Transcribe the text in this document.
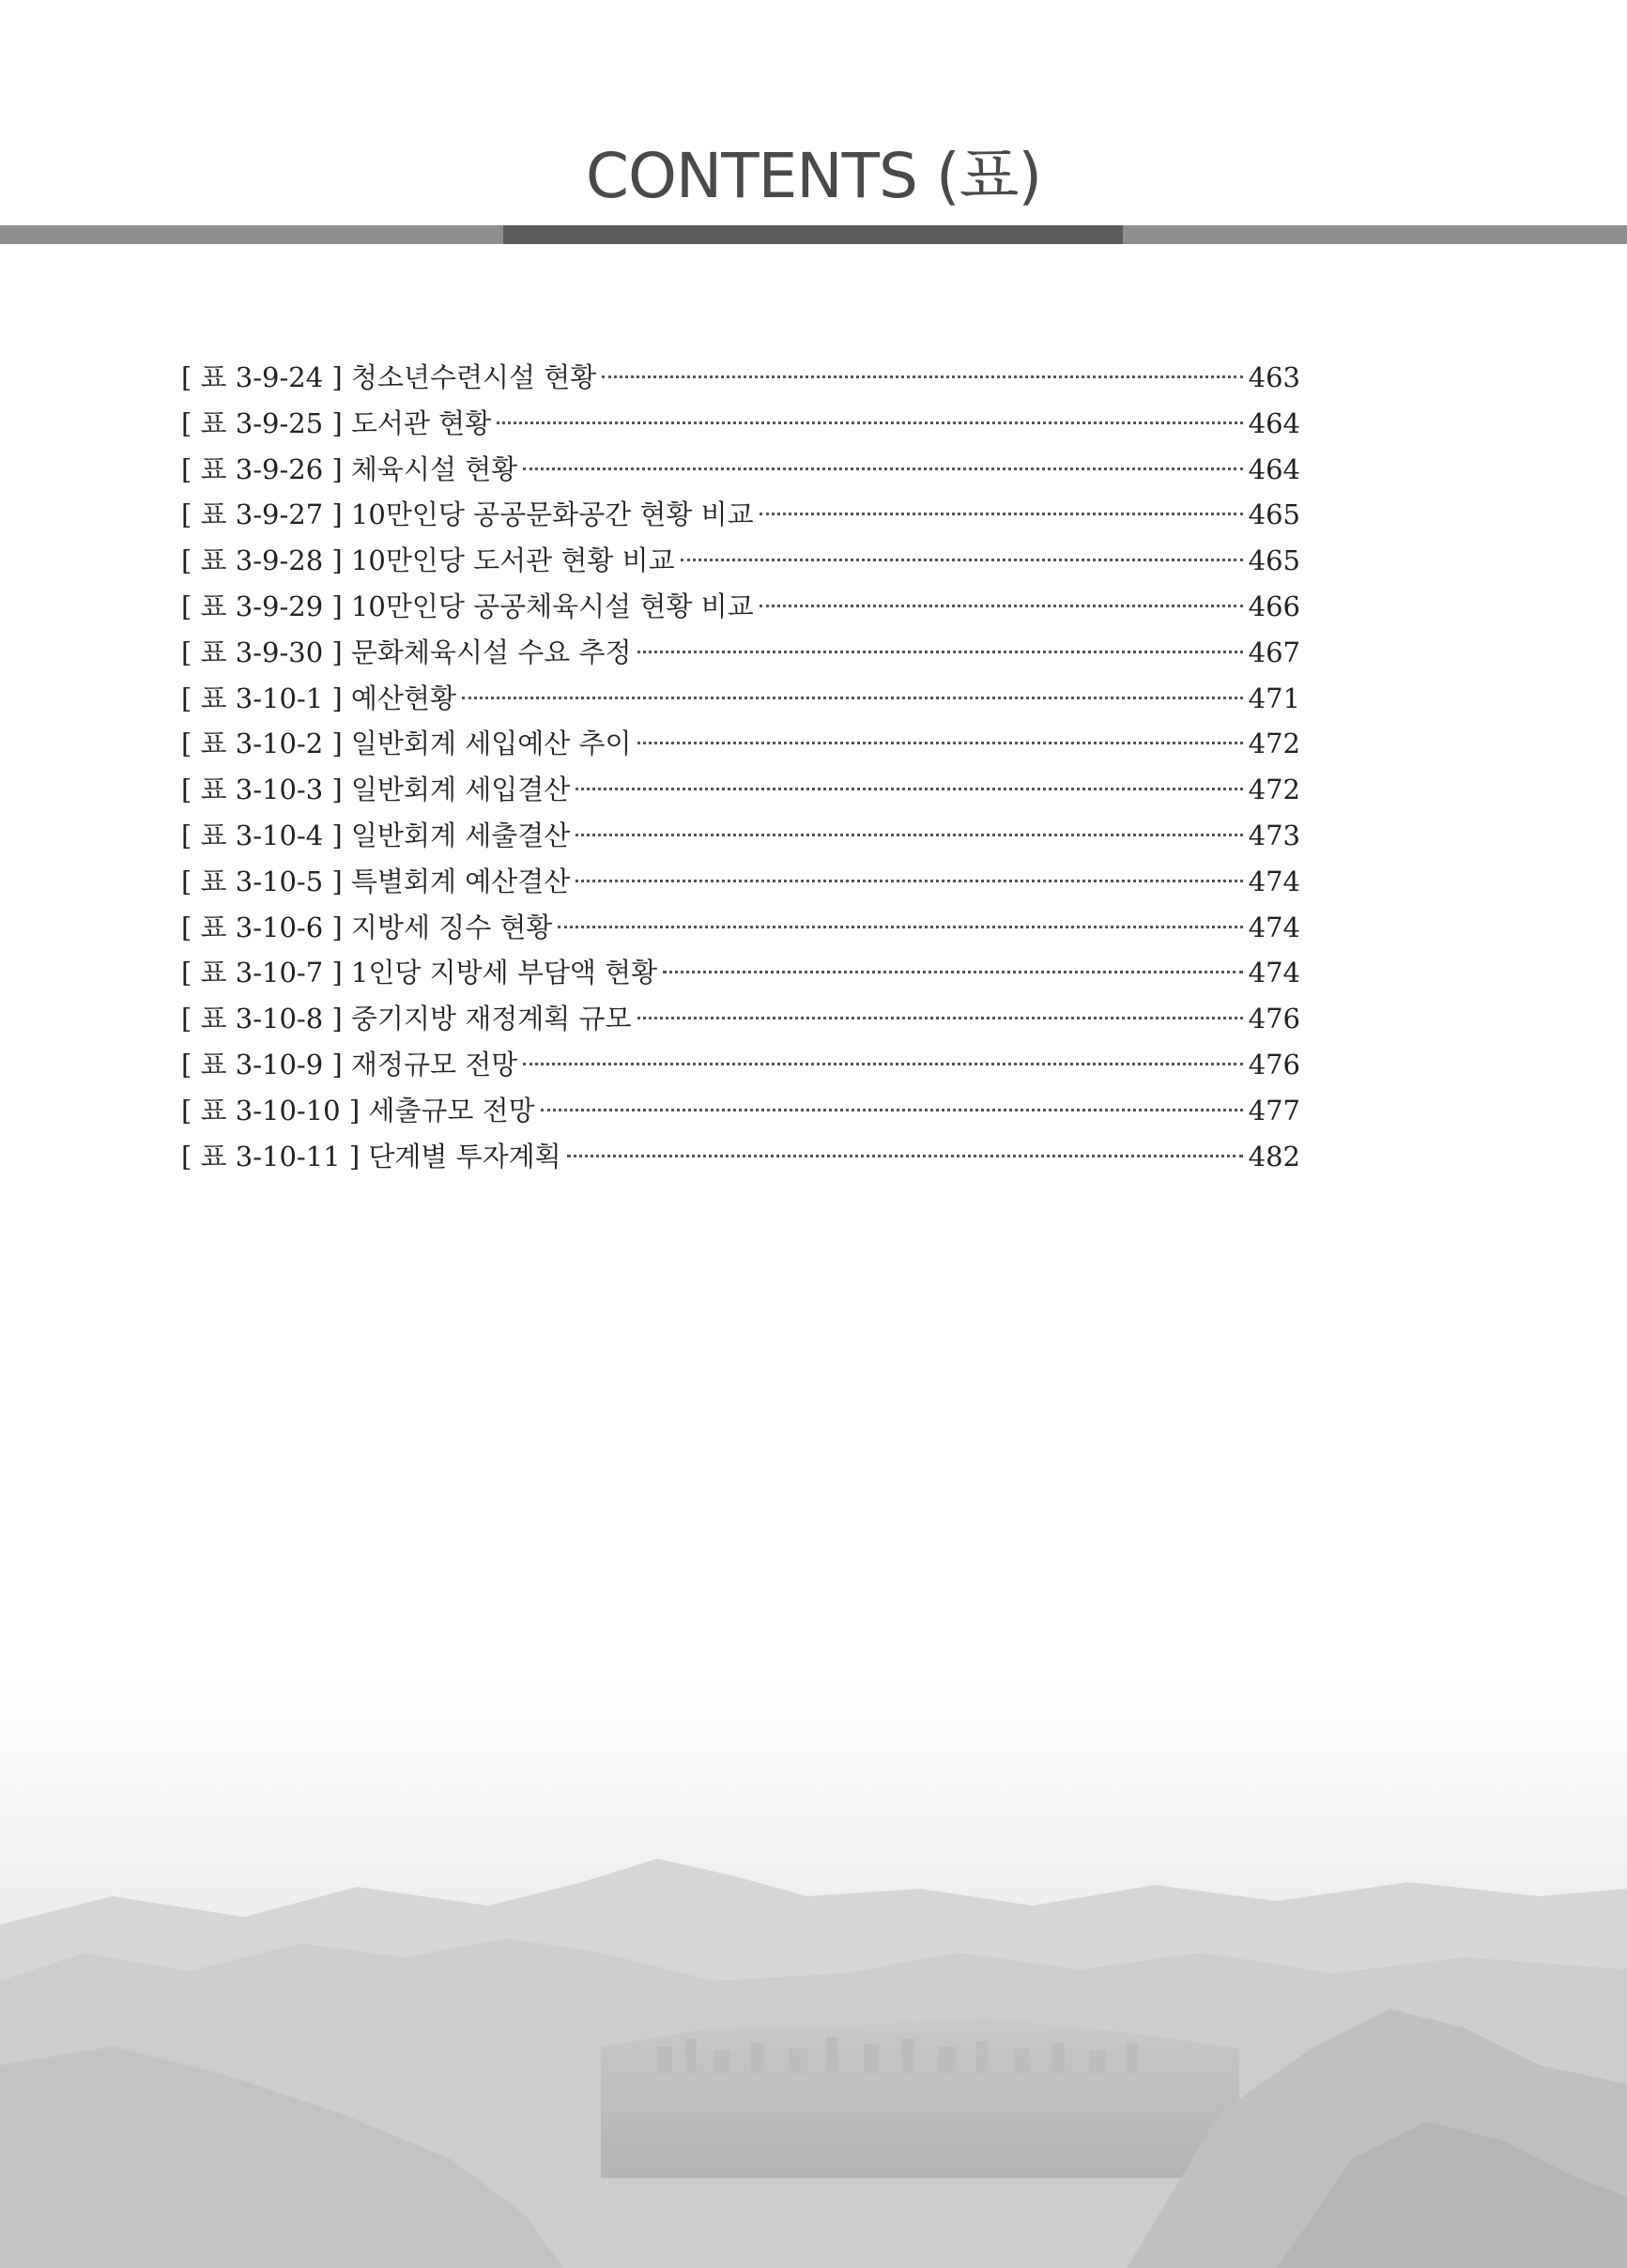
CONTENTS (표)
[ 표 3-9-24 ] 청소년수련시설 현황	463
[ 표 3-9-25 ] 도서관 현황	464
[ 표 3-9-26 ] 체육시설 현황	464
[ 표 3-9-27 ] 10만인당 공공문화공간 현황 비교	465
[ 표 3-9-28 ] 10만인당 도서관 현황 비교	465
[ 표 3-9-29 ] 10만인당 공공체육시설 현황 비교	466
[ 표 3-9-30 ] 문화체육시설 수요 추정	467
[ 표 3-10-1 ] 예산현황	471
[ 표 3-10-2 ] 일반회계 세입예산 추이	472
[ 표 3-10-3 ] 일반회계 세입결산	472
[ 표 3-10-4 ] 일반회계 세출결산	473
[ 표 3-10-5 ] 특별회계 예산결산	474
[ 표 3-10-6 ] 지방세 징수 현황	474
[ 표 3-10-7 ] 1인당 지방세 부담액 현황	474
[ 표 3-10-8 ] 중기지방 재정계획 규모	476
[ 표 3-10-9 ] 재정규모 전망	476
[ 표 3-10-10 ] 세출규모 전망	477
[ 표 3-10-11 ] 단계별 투자계획	482
